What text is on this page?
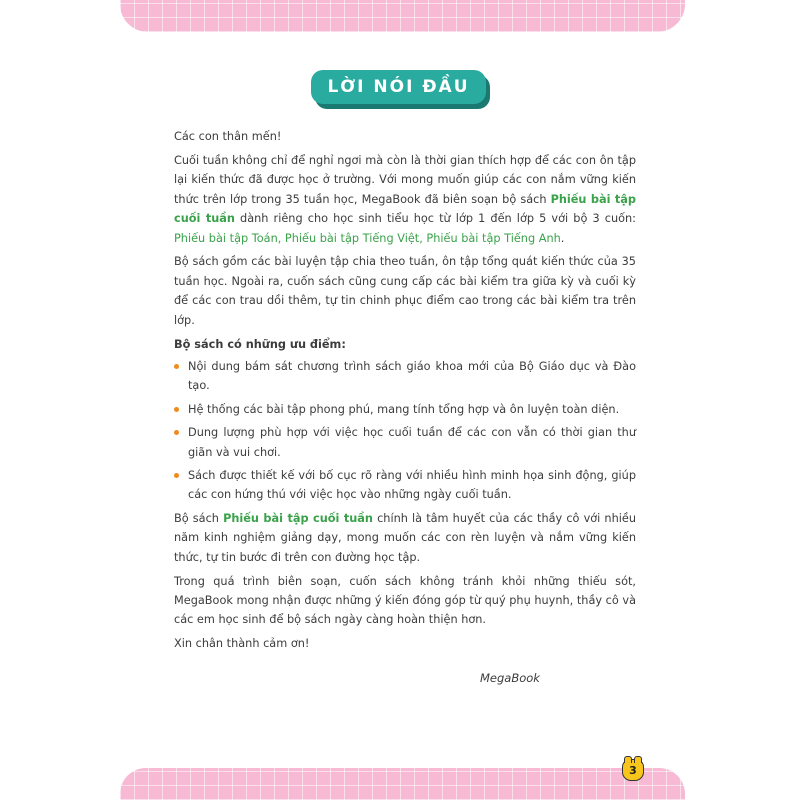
LỜI NÓI ĐẦU

Các con thân mến!

Cuối tuần không chỉ để nghỉ ngơi mà còn là thời gian thích hợp để các con ôn tập lại kiến thức đã được học ở trường. Với mong muốn giúp các con nắm vững kiến thức trên lớp trong 35 tuần học, MegaBook đã biên soạn bộ sách Phiếu bài tập cuối tuần dành riêng cho học sinh tiểu học từ lớp 1 đến lớp 5 với bộ 3 cuốn: Phiếu bài tập Toán, Phiếu bài tập Tiếng Việt, Phiếu bài tập Tiếng Anh.

Bộ sách gồm các bài luyện tập chia theo tuần, ôn tập tổng quát kiến thức của 35 tuần học. Ngoài ra, cuốn sách cũng cung cấp các bài kiểm tra giữa kỳ và cuối kỳ để các con trau dồi thêm, tự tin chinh phục điểm cao trong các bài kiểm tra trên lớp.

Bộ sách có những ưu điểm:
Nội dung bám sát chương trình sách giáo khoa mới của Bộ Giáo dục và Đào tạo.
Hệ thống các bài tập phong phú, mang tính tổng hợp và ôn luyện toàn diện.
Dung lượng phù hợp với việc học cuối tuần để các con vẫn có thời gian thư giãn và vui chơi.
Sách được thiết kế với bố cục rõ ràng với nhiều hình minh họa sinh động, giúp các con hứng thú với việc học vào những ngày cuối tuần.

Bộ sách Phiếu bài tập cuối tuần chính là tâm huyết của các thầy cô với nhiều năm kinh nghiệm giảng dạy, mong muốn các con rèn luyện và nắm vững kiến thức, tự tin bước đi trên con đường học tập.

Trong quá trình biên soạn, cuốn sách không tránh khỏi những thiếu sót, MegaBook mong nhận được những ý kiến đóng góp từ quý phụ huynh, thầy cô và các em học sinh để bộ sách ngày càng hoàn thiện hơn.

Xin chân thành cảm ơn!

MegaBook
3
